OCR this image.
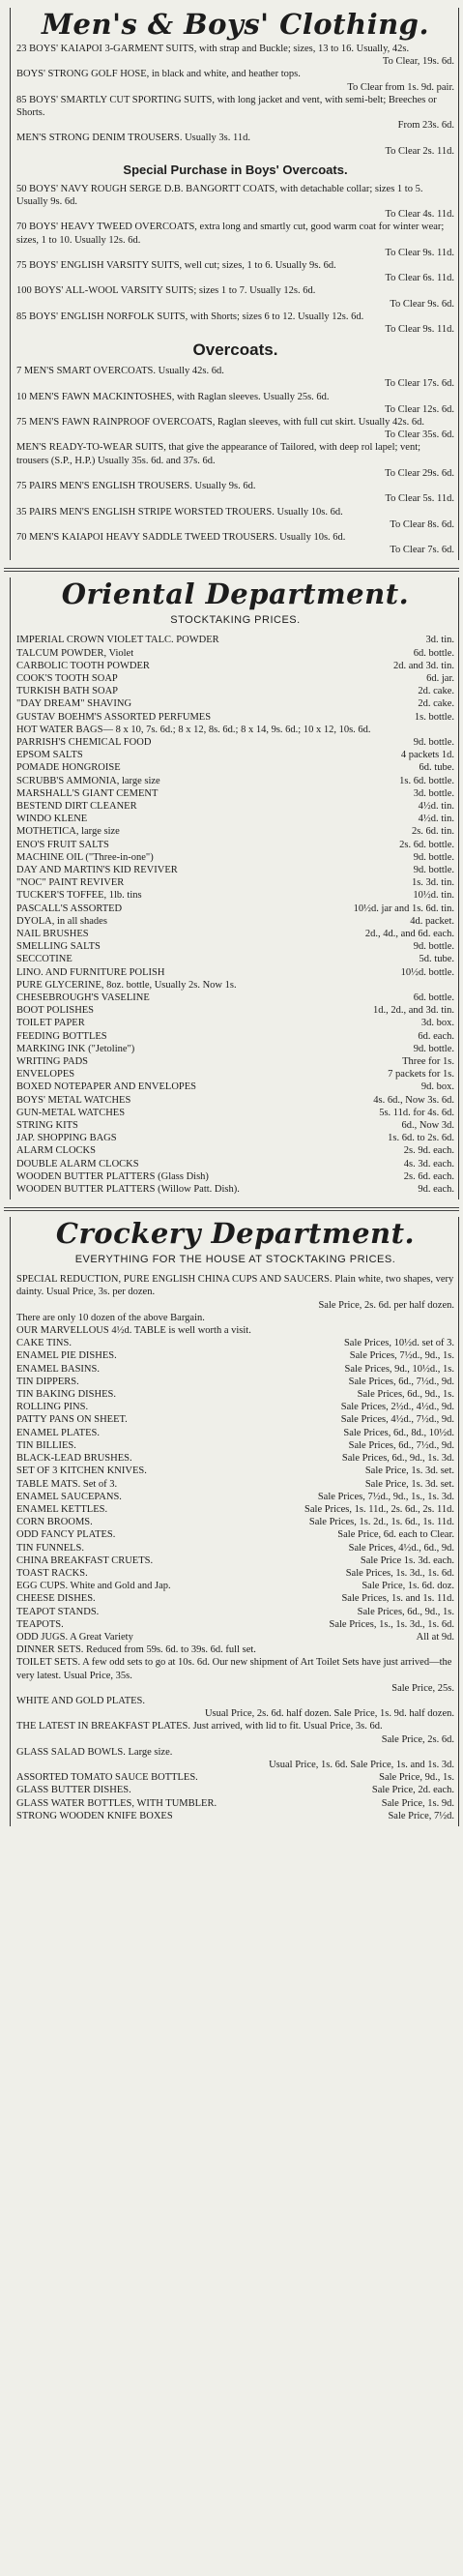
Men's & Boys' Clothing.
23 BOYS' KAIAPOI 3-GARMENT SUITS, with strap and Buckle; sizes, 13 to 16. Usually, 42s.
To Clear, 19s. 6d.
BOYS' STRONG GOLF HOSE, in black and white, and heather tops.
To Clear from 1s. 9d. pair.
85 BOYS' SMARTLY CUT SPORTING SUITS, with long jacket and vent, with semi-belt; Breeches or Shorts.
From 23s. 6d.
MEN'S STRONG DENIM TROUSERS. Usually 3s. 11d.
To Clear 2s. 11d.
Special Purchase in Boys' Overcoats.
50 BOYS' NAVY ROUGH SERGE D.B. BANGORTT COATS, with detachable collar; sizes 1 to 5. Usually 9s. 6d.
To Clear 4s. 11d.
70 BOYS' HEAVY TWEED OVERCOATS, extra long and smartly cut, good warm coat for winter wear; sizes, 1 to 10. Usually 12s. 6d.
To Clear 9s. 11d.
75 BOYS' ENGLISH VARSITY SUITS, well cut; sizes, 1 to 6. Usually 9s. 6d.
To Clear 6s. 11d.
100 BOYS' ALL-WOOL VARSITY SUITS; sizes 1 to 7. Usually 12s. 6d.
To Clear 9s. 6d.
85 BOYS' ENGLISH NORFOLK SUITS, with Shorts; sizes 6 to 12. Usually 12s. 6d.
To Clear 9s. 11d.
Overcoats.
7 MEN'S SMART OVERCOATS. Usually 42s. 6d.
To Clear 17s. 6d.
10 MEN'S FAWN MACKINTOSHES, with Raglan sleeves. Usually 25s. 6d.
To Clear 12s. 6d.
75 MEN'S FAWN RAINPROOF OVERCOATS, Raglan sleeves, with full cut skirt. Usually 42s. 6d.
To Clear 35s. 6d.
MEN'S READY-TO-WEAR SUITS, that give the appearance of Tailored, with deep rol lapel; vent; trousers (S.P., H.P.) Usually 35s. 6d. and 37s. 6d.
To Clear 29s. 6d.
75 PAIRS MEN'S ENGLISH TROUSERS. Usually 9s. 6d.
To Clear 5s. 11d.
35 PAIRS MEN'S ENGLISH STRIPE WORSTED TROUERS. Usually 10s. 6d.
To Clear 8s. 6d.
70 MEN'S KAIAPOI HEAVY SADDLE TWEED TROUSERS. Usually 10s. 6d.
To Clear 7s. 6d.
Oriental Department.
STOCKTAKING PRICES.
IMPERIAL CROWN VIOLET TALC. POWDER	3d. tin.
TALCUM POWDER, Violet	6d. bottle.
CARBOLIC TOOTH POWDER	2d. and 3d. tin.
COOK'S TOOTH SOAP	6d. jar.
TURKISH BATH SOAP	2d. cake.
"DAY DREAM" SHAVING	2d. cake.
GUSTAV BOEHM'S ASSORTED PERFUMES	1s. bottle.
HOT WATER BAGS— 8 x 10, 7s. 6d.; 8 x 12, 8s. 6d.; 8 x 14, 9s. 6d.; 10 x 12, 10s. 6d.
PARRISH'S CHEMICAL FOOD	9d. bottle.
EPSOM SALTS	4 packets 1d.
POMADE HONGROISE	6d. tube.
SCRUBB'S AMMONIA, large size	1s. 6d. bottle.
MARSHALL'S GIANT CEMENT	3d. bottle.
BESTEND DIRT CLEANER	4½d. tin.
WINDO KLENE	4½d. tin.
MOTHETICA, large size	2s. 6d. tin.
ENO'S FRUIT SALTS	2s. 6d. bottle.
MACHINE OIL ("Three-in-one")	9d. bottle.
DAY AND MARTIN'S KID REVIVER	9d. bottle.
"NOC" PAINT REVIVER	1s. 3d. tin.
TUCKER'S TOFFEE, 1lb. tins	10½d. tin.
PASCALL'S ASSORTED	10½d. jar and 1s. 6d. tin.
DYOLA, in all shades	4d. packet.
NAIL BRUSHES	2d., 4d., and 6d. each.
SMELLING SALTS	9d. bottle.
SECCOTINE	5d. tube.
LINO. AND FURNITURE POLISH	10½d. bottle.
PURE GLYCERINE, 8oz. bottle, Usually 2s. Now 1s.
CHESEBROUGH'S VASELINE	6d. bottle.
BOOT POLISHES	1d., 2d., and 3d. tin.
TOILET PAPER	3d. box.
FEEDING BOTTLES	6d. each.
MARKING INK ("Jetoline")	9d. bottle.
WRITING PADS	Three for 1s.
ENVELOPES	7 packets for 1s.
BOXED NOTEPAPER AND ENVELOPES	9d. box.
BOYS' METAL WATCHES	4s. 6d., Now 3s. 6d.
GUN-METAL WATCHES	5s. 11d. for 4s. 6d.
STRING KITS	6d., Now 3d.
JAP. SHOPPING BAGS	1s. 6d. to 2s. 6d.
ALARM CLOCKS	2s. 9d. each.
DOUBLE ALARM CLOCKS	4s. 3d. each.
WOODEN BUTTER PLATTERS (Glass Dish)	2s. 6d. each.
WOODEN BUTTER PLATTERS (Willow Patt. Dish).	9d. each.
Crockery Department.
EVERYTHING FOR THE HOUSE AT STOCKTAKING PRICES.
SPECIAL REDUCTION, PURE ENGLISH CHINA CUPS AND SAUCERS. Plain white, two shapes, very dainty. Usual Price, 3s. per dozen.
Sale Price, 2s. 6d. per half dozen.
There are only 10 dozen of the above Bargain.
OUR MARVELLOUS 4½d. TABLE is well worth a visit.
CAKE TINS.	Sale Prices, 10½d. set of 3.
ENAMEL PIE DISHES.	Sale Prices, 7½d., 9d., 1s.
ENAMEL BASINS.	Sale Prices, 9d., 10½d., 1s.
TIN DIPPERS.	Sale Prices, 6d., 7½d., 9d.
TIN BAKING DISHES.	Sale Prices, 6d., 9d., 1s.
ROLLING PINS.	Sale Prices, 2½d., 4½d., 9d.
PATTY PANS ON SHEET.	Sale Prices, 4½d., 7½d., 9d.
ENAMEL PLATES.	Sale Prices, 6d., 8d., 10½d.
TIN BILLIES.	Sale Prices, 6d., 7½d., 9d.
BLACK-LEAD BRUSHES.	Sale Prices, 6d., 9d., 1s. 3d.
SET OF 3 KITCHEN KNIVES.	Sale Price, 1s. 3d. set.
TABLE MATS. Set of 3.	Sale Price, 1s. 3d. set.
ENAMEL SAUCEPANS.	Sale Prices, 7½d., 9d., 1s., 1s. 3d.
ENAMEL KETTLES.	Sale Prices, 1s. 11d., 2s. 6d., 2s. 11d.
CORN BROOMS.	Sale Prices, 1s. 2d., 1s. 6d., 1s. 11d.
ODD FANCY PLATES.	Sale Price, 6d. each to Clear.
TIN FUNNELS.	Sale Prices, 4½d., 6d., 9d.
CHINA BREAKFAST CRUETS.	Sale Price 1s. 3d. each.
TOAST RACKS.	Sale Prices, 1s. 3d., 1s. 6d.
EGG CUPS. White and Gold and Jap.	Sale Price, 1s. 6d. doz.
CHEESE DISHES.	Sale Prices, 1s. and 1s. 11d.
TEAPOT STANDS.	Sale Prices, 6d., 9d., 1s.
TEAPOTS.	Sale Prices, 1s., 1s. 3d., 1s. 6d.
ODD JUGS. A Great Variety	All at 9d.
DINNER SETS. Reduced from 59s. 6d. to 39s. 6d. full set.
TOILET SETS. A few odd sets to go at 10s. 6d. Our new shipment of Art Toilet Sets have just arrived—the very latest. Usual Price, 35s.
Sale Price, 25s.
WHITE AND GOLD PLATES.
Usual Price, 2s. 6d. half dozen. Sale Price, 1s. 9d. half dozen.
THE LATEST IN BREAKFAST PLATES. Just arrived, with lid to fit. Usual Price, 3s. 6d.
Sale Price, 2s. 6d.
GLASS SALAD BOWLS. Large size.
Usual Price, 1s. 6d. Sale Price, 1s. and 1s. 3d.
ASSORTED TOMATO SAUCE BOTTLES.	Sale Price, 9d., 1s.
GLASS BUTTER DISHES.	Sale Price, 2d. each.
GLASS WATER BOTTLES, WITH TUMBLER.	Sale Price, 1s. 9d.
STRONG WOODEN KNIFE BOXES	Sale Price, 7½d.
